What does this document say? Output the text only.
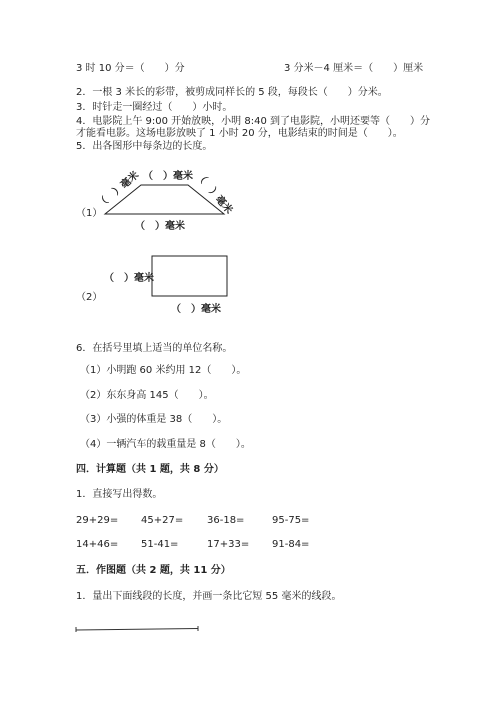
3 时 10 分＝（　　）分	3 分米－4 厘米＝（　　）厘米
2．一根 3 米长的彩带，被剪成同样长的 5 段，每段长（　　）分米。
3．时针走一圈经过（　　）小时。
4．电影院上午 9:00 开始放映，小明 8:40 到了电影院，小明还要等（　　）分
才能看电影。这场电影放映了 1 小时 20 分，电影结束的时间是（　　）。
5．出各图形中每条边的长度。
（1）
（　）毫米
（　）毫米	（　）毫米
（　）毫米
（2）
（　）毫米
（　）毫米
6．在括号里填上适当的单位名称。
（1）小明跑 60 米约用 12（　　）。
（2）东东身高 145（　　）。
（3）小强的体重是 38（　　）。
（4）一辆汽车的载重量是 8（　　）。
四．计算题（共 1 题，共 8 分）
1．直接写出得数。
29+29= 45+27= 36-18=	95-75=
14+46= 51-41=	17+33= 91-84=
五．作图题（共 2 题，共 11 分）
1．量出下面线段的长度，并画一条比它短 55 毫米的线段。
